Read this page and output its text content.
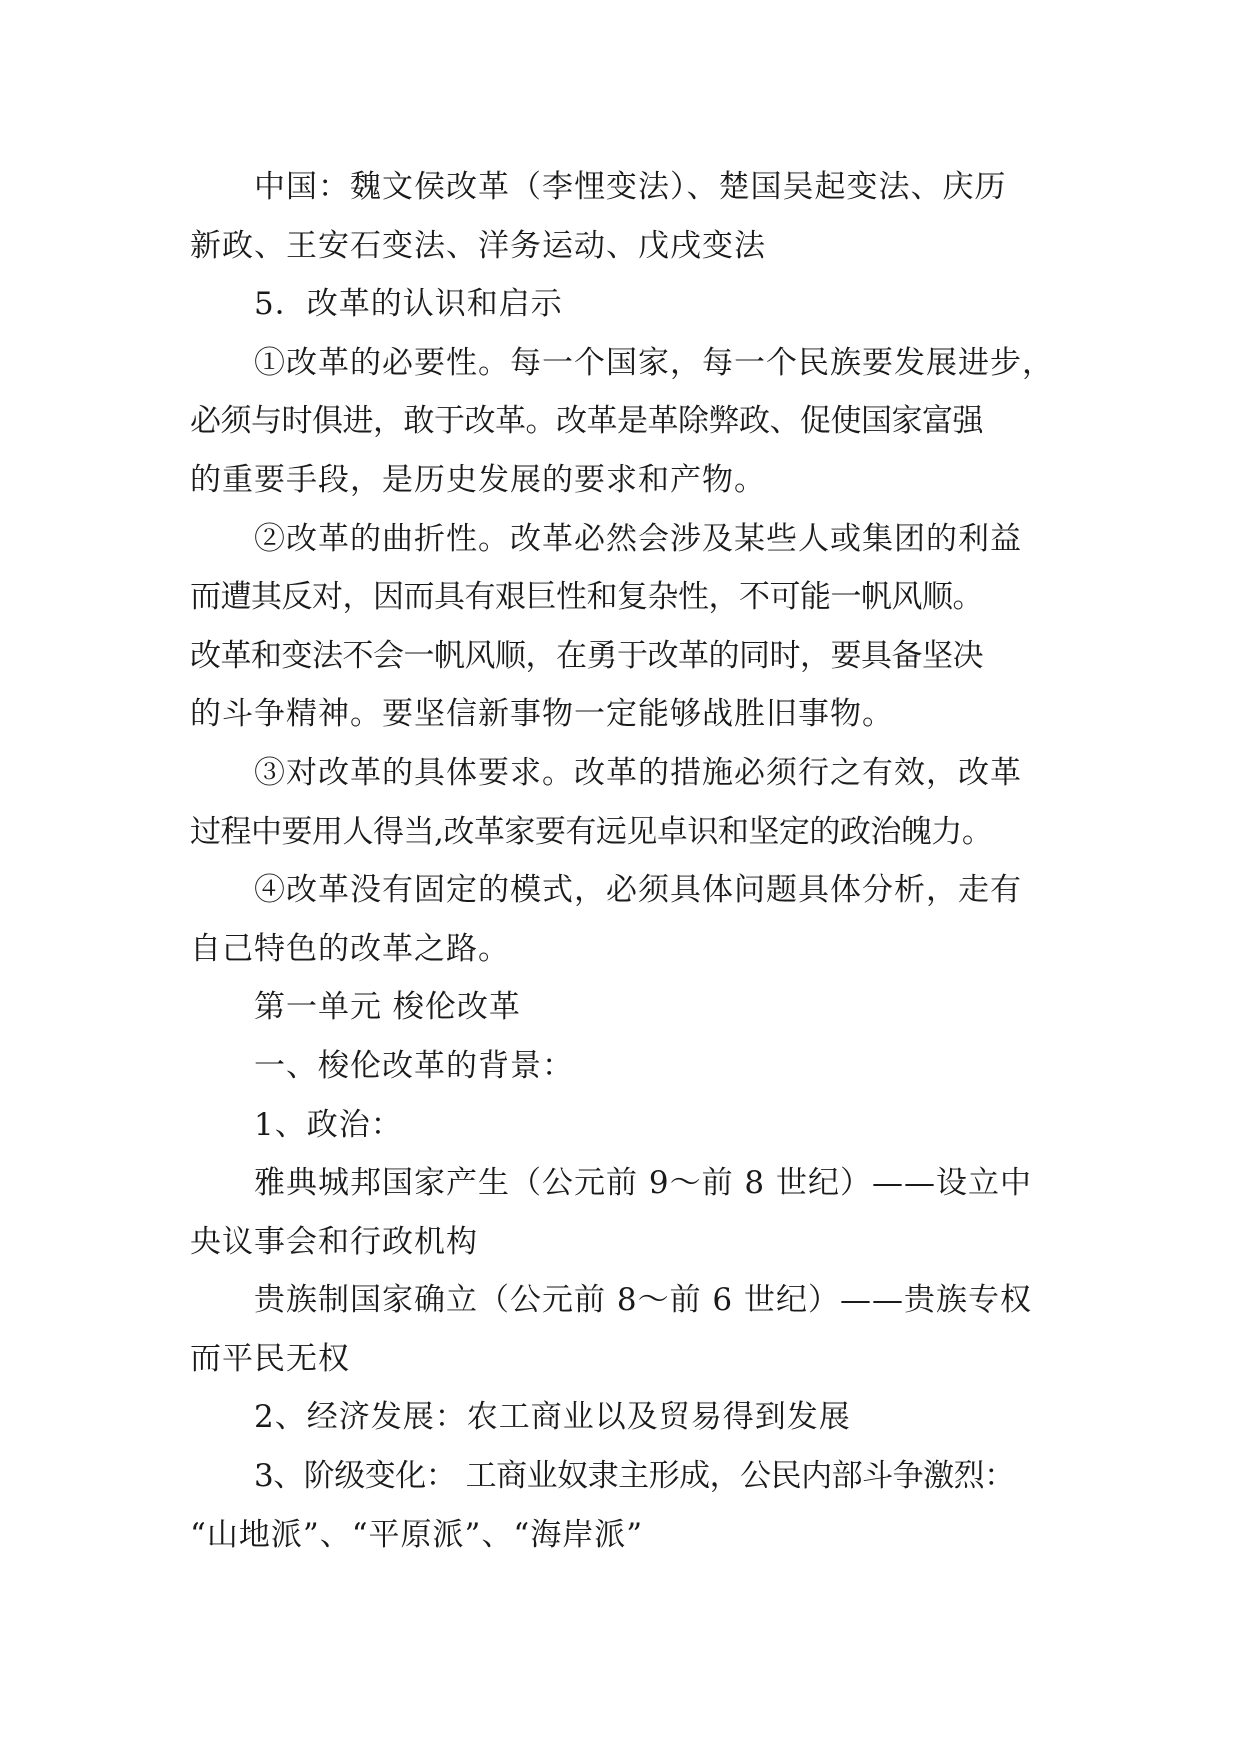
中国：魏文侯改革（李悝变法）、楚国吴起变法、庆历
新政、王安石变法、洋务运动、戊戌变法
5．改革的认识和启示
①改革的必要性。每一个国家，每一个民族要发展进步，
必须与时俱进，敢于改革。改革是革除弊政、促使国家富强
的重要手段，是历史发展的要求和产物。
②改革的曲折性。改革必然会涉及某些人或集团的利益
而遭其反对，因而具有艰巨性和复杂性，不可能一帆风顺。
改革和变法不会一帆风顺，在勇于改革的同时，要具备坚决
的斗争精神。要坚信新事物一定能够战胜旧事物。
③对改革的具体要求。改革的措施必须行之有效，改革
过程中要用人得当,改革家要有远见卓识和坚定的政治魄力。
④改革没有固定的模式，必须具体问题具体分析，走有
自己特色的改革之路。
第一单元 梭伦改革
一、梭伦改革的背景：
1、政治：
雅典城邦国家产生（公元前 9～前 8 世纪）——设立中
央议事会和行政机构
贵族制国家确立（公元前 8～前 6 世纪）——贵族专权
而平民无权
2、经济发展：农工商业以及贸易得到发展
3、阶级变化： 工商业奴隶主形成，公民内部斗争激烈：
“山地派”、“平原派”、“海岸派”
